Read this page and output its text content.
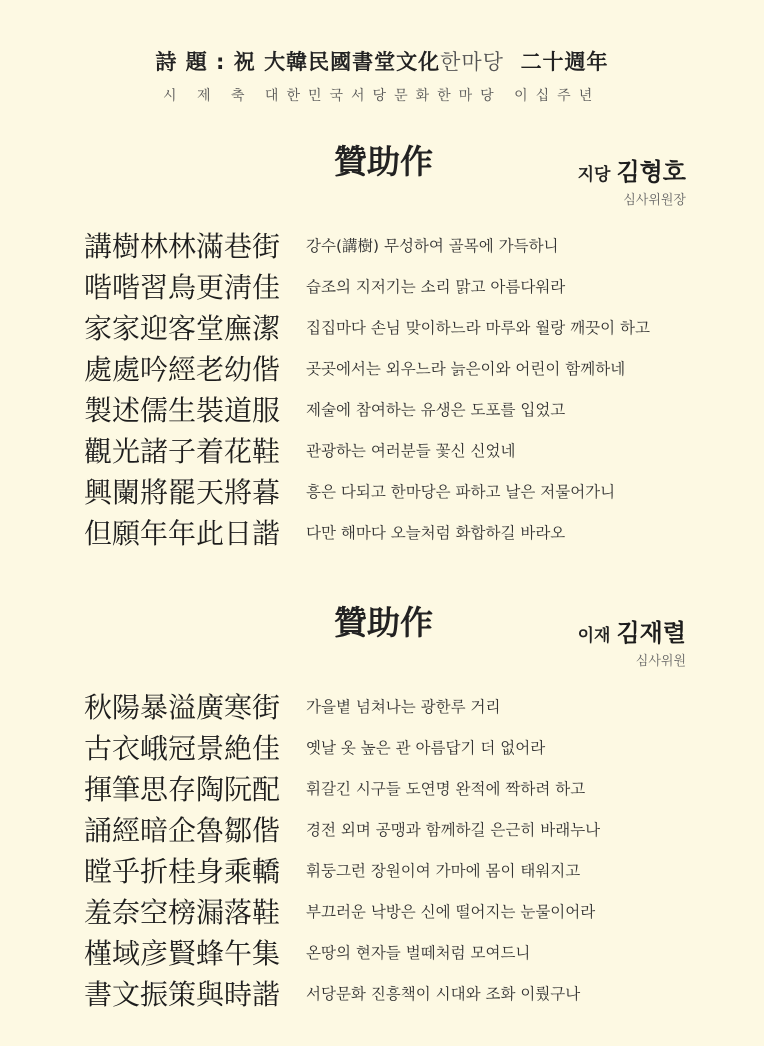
詩 題 : 祝 大韓民國書堂文化한마당 二十週年
시 제 축 대한민국서당문화한마당 이십주년
贊助作	지당 김형호
심사위원장
講樹林林滿巷街	강수(講樹) 무성하여 골목에 가득하니
喈喈習鳥更淸佳	습조의 지저기는 소리 맑고 아름다워라
家家迎客堂廡潔	집집마다 손님 맞이하느라 마루와 월랑 깨끗이 하고
處處吟經老幼偕	곳곳에서는 외우느라 늙은이와 어린이 함께하네
製述儒生裝道服	제술에 참여하는 유생은 도포를 입었고
觀光諸子着花鞋	관광하는 여러분들 꽃신 신었네
興闌將罷天將暮	흥은 다되고 한마당은 파하고 날은 저물어가니
但願年年此日諧	다만 해마다 오늘처럼 화합하길 바라오
贊助作	이재 김재렬
심사위원
秋陽暴溢廣寒街	가을볕 넘쳐나는 광한루 거리
古衣峨冠景絶佳	옛날 옷 높은 관 아름답기 더 없어라
揮筆思存陶阮配	휘갈긴 시구들 도연명 완적에 짝하려 하고
誦經暗企魯鄒偕	경전 외며 공맹과 함께하길 은근히 바래누나
瞠乎折桂身乘轎	휘둥그런 장원이여 가마에 몸이 태워지고
羞奈空榜漏落鞋	부끄러운 낙방은 신에 떨어지는 눈물이어라
槿域彦賢蜂午集	온땅의 현자들 벌떼처럼 모여드니
書文振策與時諧	서당문화 진흥책이 시대와 조화 이뤘구나
